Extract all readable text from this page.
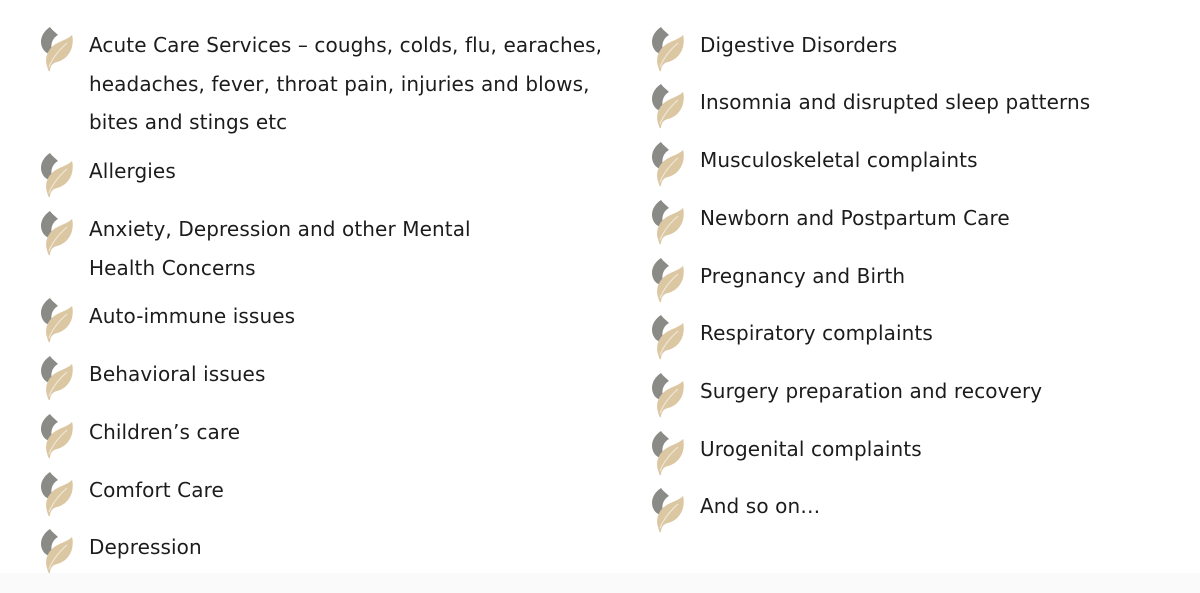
Acute Care Services – coughs, colds, flu, earaches, headaches, fever, throat pain, injuries and blows, bites and stings etc
Allergies
Anxiety, Depression and other Mental Health Concerns
Auto-immune issues
Behavioral issues
Children’s care
Comfort Care
Depression
Digestive Disorders
Insomnia and disrupted sleep patterns
Musculoskeletal complaints
Newborn and Postpartum Care
Pregnancy and Birth
Respiratory complaints
Surgery preparation and recovery
Urogenital complaints
And so on…
